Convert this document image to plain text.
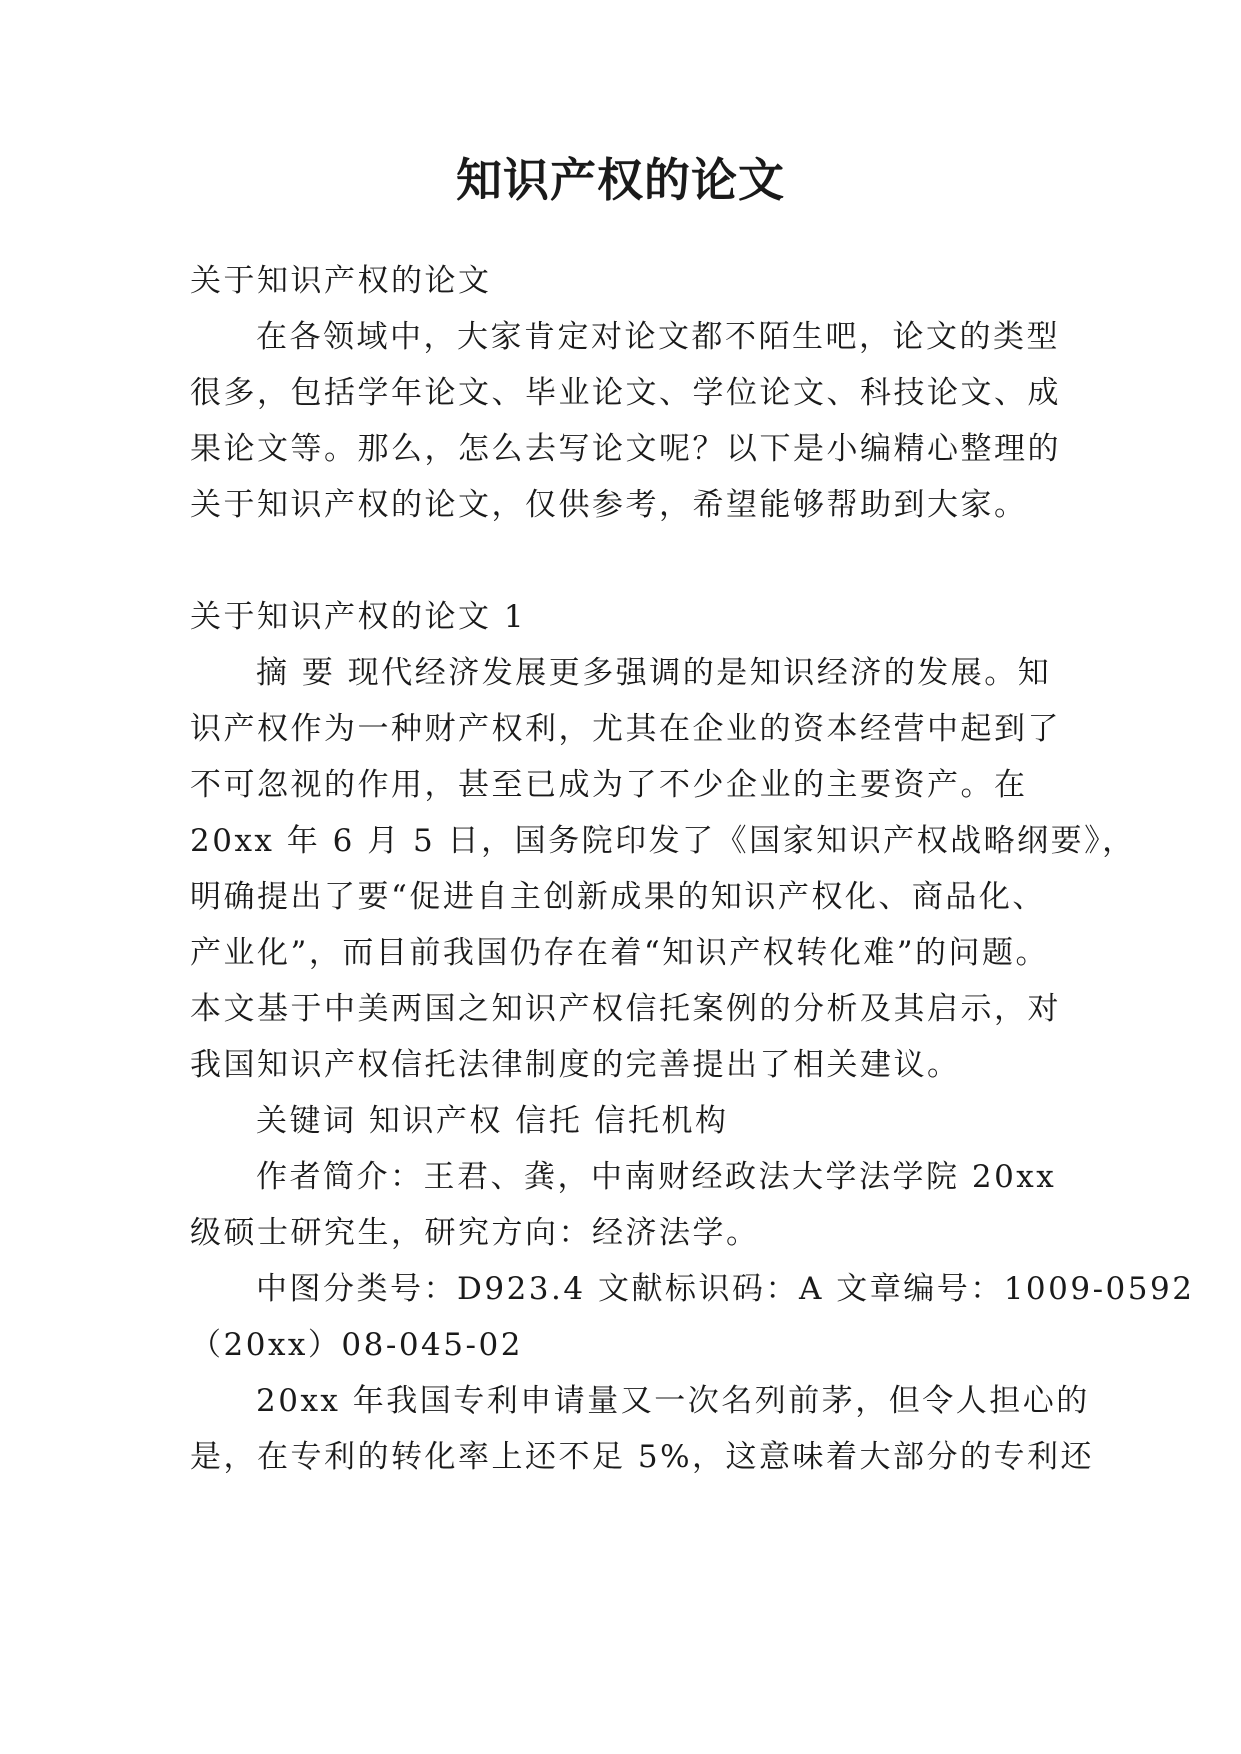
知识产权的论文
关于知识产权的论文
在各领域中，大家肯定对论文都不陌生吧，论文的类型
很多，包括学年论文、毕业论文、学位论文、科技论文、成
果论文等。那么，怎么去写论文呢？以下是小编精心整理的
关于知识产权的论文，仅供参考，希望能够帮助到大家。
关于知识产权的论文 1
摘 要 现代经济发展更多强调的是知识经济的发展。知
识产权作为一种财产权利，尤其在企业的资本经营中起到了
不可忽视的作用，甚至已成为了不少企业的主要资产。在
20xx 年 6 月 5 日，国务院印发了《国家知识产权战略纲要》，
明确提出了要“促进自主创新成果的知识产权化、商品化、
产业化”，而目前我国仍存在着“知识产权转化难”的问题。
本文基于中美两国之知识产权信托案例的分析及其启示，对
我国知识产权信托法律制度的完善提出了相关建议。
关键词 知识产权 信托 信托机构
作者简介：王君、龚，中南财经政法大学法学院 20xx
级硕士研究生，研究方向：经济法学。
中图分类号：D923.4 文献标识码：A 文章编号：1009-0592
（20xx）08-045-02
20xx 年我国专利申请量又一次名列前茅，但令人担心的
是，在专利的转化率上还不足 5%，这意味着大部分的专利还
